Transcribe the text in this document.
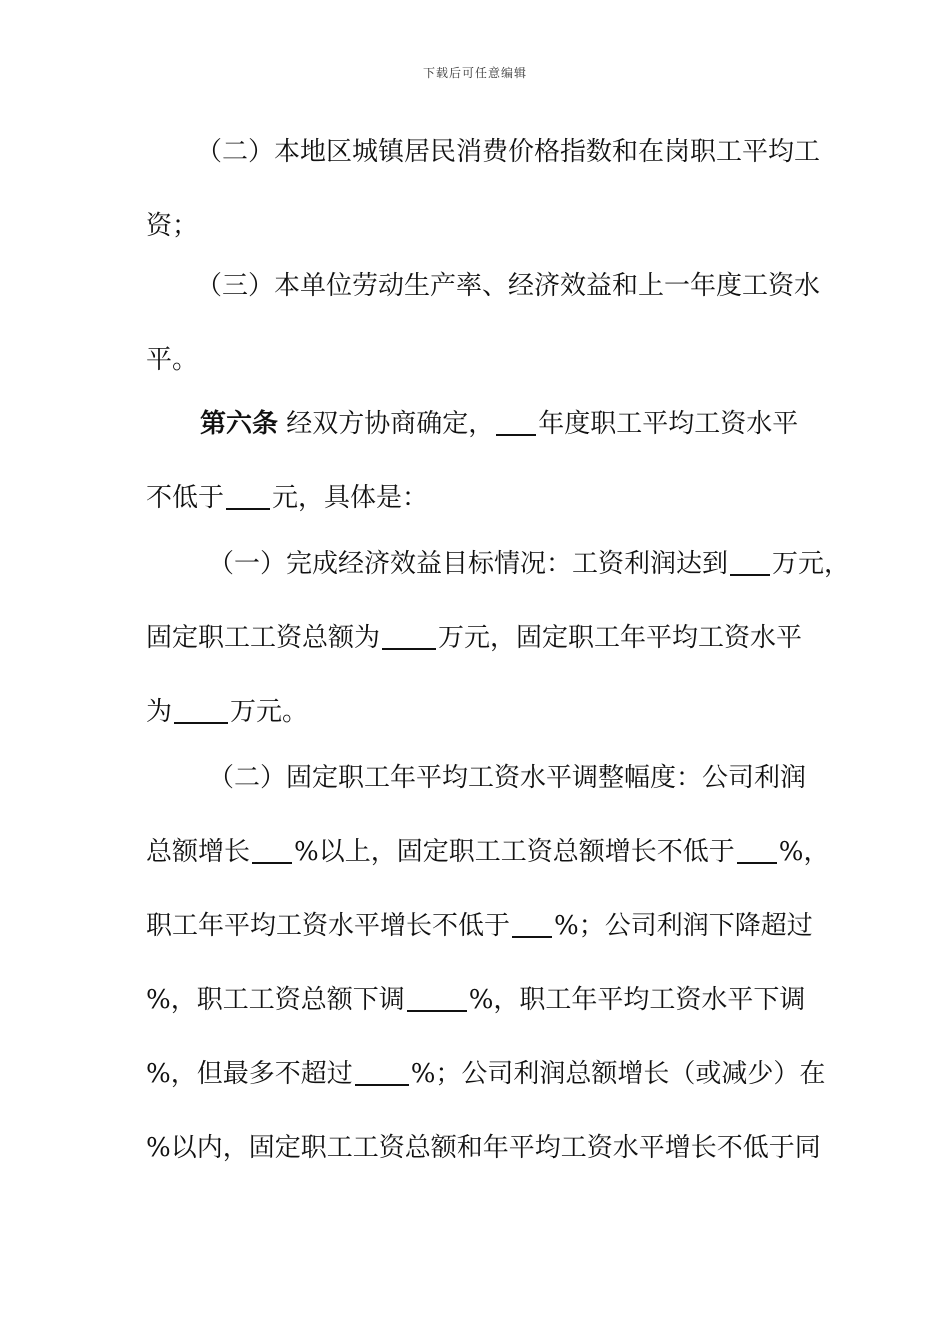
下载后可任意编辑
（二）本地区城镇居民消费价格指数和在岗职工平均工
资；
（三）本单位劳动生产率、经济效益和上一年度工资水
平。
第六条 经双方协商确定， 年度职工平均工资水平
不低于 元，具体是：
（一）完成经济效益目标情况：工资利润达到 万元，
固定职工工资总额为 万元，固定职工年平均工资水平
为 万元。
（二）固定职工年平均工资水平调整幅度：公司利润
总额增长 %以上，固定职工工资总额增长不低于 %，
职工年平均工资水平增长不低于 %；公司利润下降超过
%，职工工资总额下调 %，职工年平均工资水平下调
%，但最多不超过 %；公司利润总额增长（或减少）在
%以内，固定职工工资总额和年平均工资水平增长不低于同
